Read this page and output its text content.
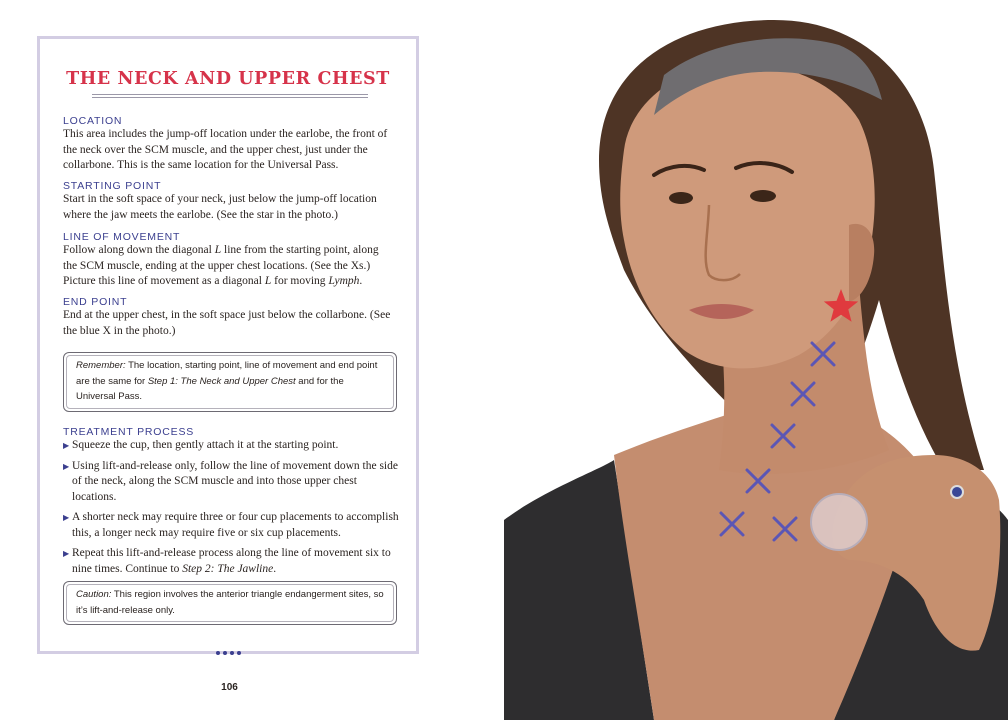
THE NECK AND UPPER CHEST
LOCATION
This area includes the jump-off location under the earlobe, the front of the neck over the SCM muscle, and the upper chest, just under the collarbone. This is the same location for the Universal Pass.
STARTING POINT
Start in the soft space of your neck, just below the jump-off location where the jaw meets the earlobe. (See the star in the photo.)
LINE OF MOVEMENT
Follow along down the diagonal L line from the starting point, along the SCM muscle, ending at the upper chest locations. (See the Xs.) Picture this line of movement as a diagonal L for moving Lymph.
END POINT
End at the upper chest, in the soft space just below the collarbone. (See the blue X in the photo.)
Remember: The location, starting point, line of movement and end point are the same for Step 1: The Neck and Upper Chest and for the Universal Pass.
TREATMENT PROCESS
▶ Squeeze the cup, then gently attach it at the starting point.
▶ Using lift-and-release only, follow the line of movement down the side of the neck, along the SCM muscle and into those upper chest locations.
▶ A shorter neck may require three or four cup placements to accomplish this, a longer neck may require five or six cup placements.
▶ Repeat this lift-and-release process along the line of movement six to nine times. Continue to Step 2: The Jawline.
Caution: This region involves the anterior triangle endangerment sites, so it’s lift-and-release only.
106
